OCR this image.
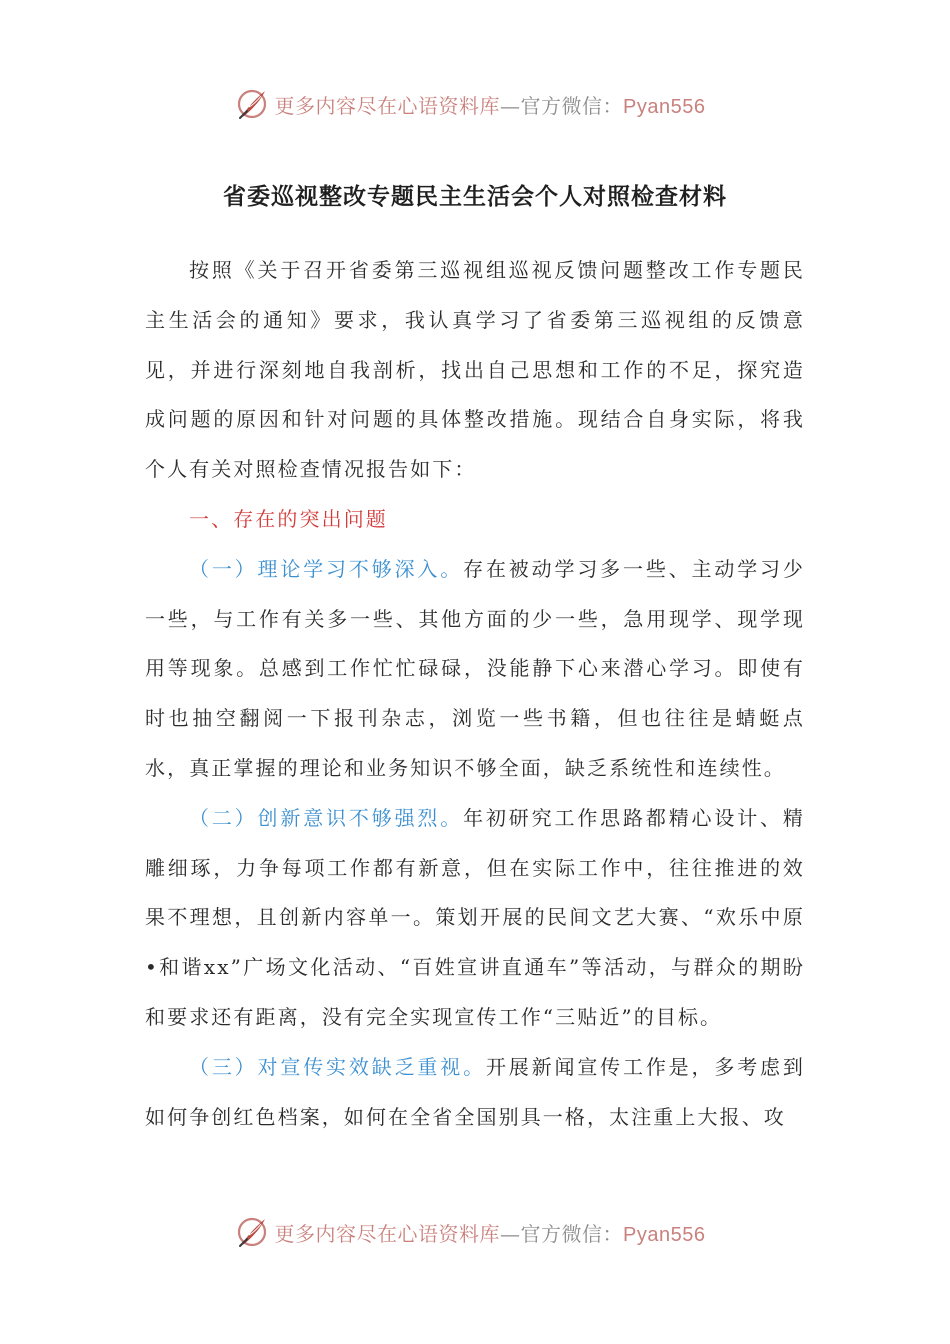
更多内容尽在心语资料库—官方微信：Pyan556
省委巡视整改专题民主生活会个人对照检查材料

按照《关于召开省委第三巡视组巡视反馈问题整改工作专题民主生活会的通知》要求，我认真学习了省委第三巡视组的反馈意见，并进行深刻地自我剖析，找出自己思想和工作的不足，探究造成问题的原因和针对问题的具体整改措施。现结合自身实际，将我个人有关对照检查情况报告如下：

一、存在的突出问题

（一）理论学习不够深入。存在被动学习多一些、主动学习少一些，与工作有关多一些、其他方面的少一些，急用现学、现学现用等现象。总感到工作忙忙碌碌，没能静下心来潜心学习。即使有时也抽空翻阅一下报刊杂志，浏览一些书籍，但也往往是蜻蜓点水，真正掌握的理论和业务知识不够全面，缺乏系统性和连续性。

（二）创新意识不够强烈。年初研究工作思路都精心设计、精雕细琢，力争每项工作都有新意，但在实际工作中，往往推进的效果不理想，且创新内容单一。策划开展的民间文艺大赛、“欢乐中原•和谐xx”广场文化活动、“百姓宣讲直通车”等活动，与群众的期盼和要求还有距离，没有完全实现宣传工作“三贴近”的目标。

（三）对宣传实效缺乏重视。开展新闻宣传工作是，多考虑到如何争创红色档案，如何在全省全国别具一格，太注重上大报、攻

更多内容尽在心语资料库—官方微信：Pyan556
